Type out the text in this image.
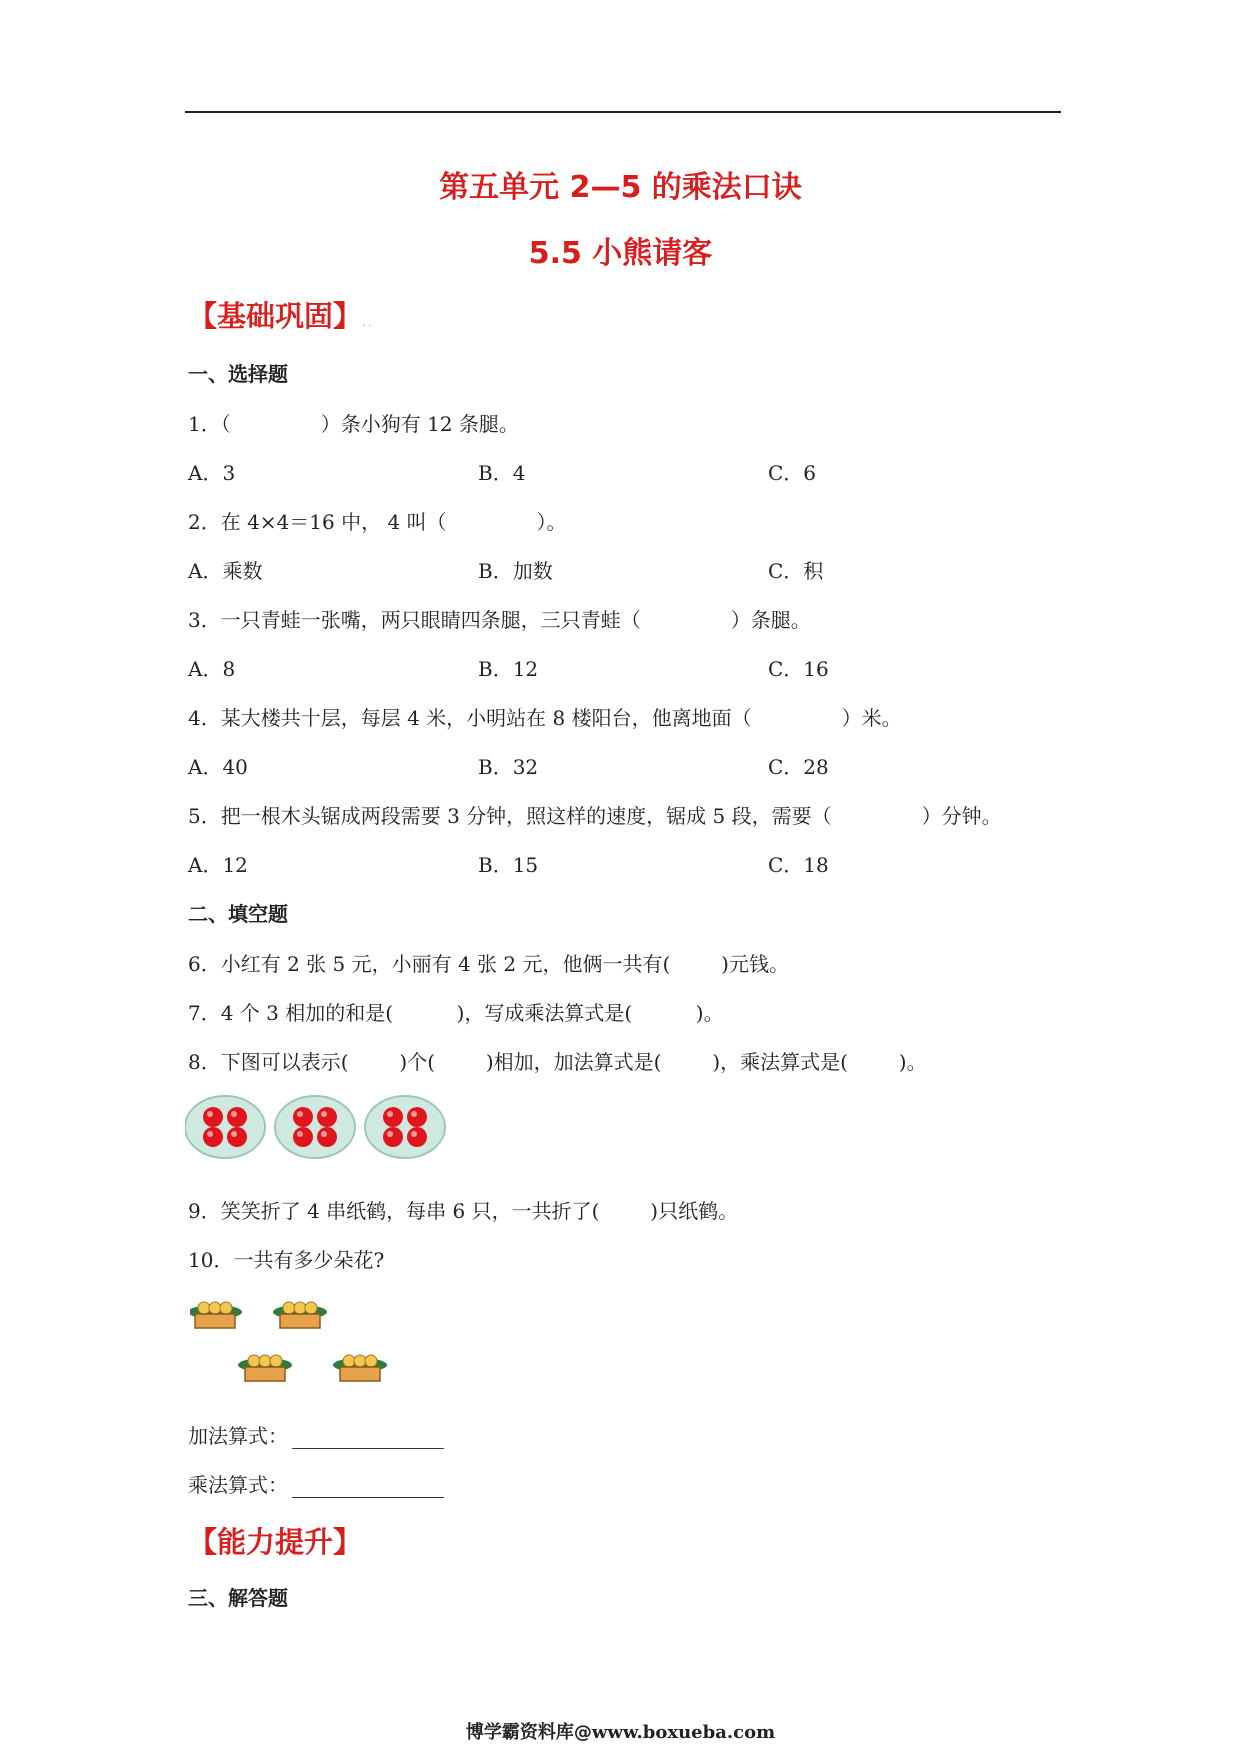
第五单元 2—5 的乘法口诀
5.5 小熊请客
【基础巩固】 . .
一、选择题
1．（	）条小狗有 12 条腿。
A．3	B．4	C．6
2．在 4×4＝16 中， 4 叫（	）。
A．乘数	B．加数	C．积
3．一只青蛙一张嘴，两只眼睛四条腿，三只青蛙（	）条腿。
A．8	B．12	C．16
4．某大楼共十层，每层 4 米，小明站在 8 楼阳台，他离地面（	）米。
A．40	B．32	C．28
5．把一根木头锯成两段需要 3 分钟，照这样的速度，锯成 5 段，需要（	）分钟。
A．12	B．15	C．18
二、填空题
6．小红有 2 张 5 元，小丽有 4 张 2 元，他俩一共有(        )元钱。
7．4 个 3 相加的和是(          )，写成乘法算式是(          )。
8．下图可以表示(        )个(        )相加，加法算式是(        )，乘法算式是(        )。
9．笑笑折了 4 串纸鹤，每串 6 只，一共折了(        )只纸鹤。
10．一共有多少朵花?
加法算式：
乘法算式：
【能力提升】
三、解答题
博学霸资料库@www.boxueba.com
